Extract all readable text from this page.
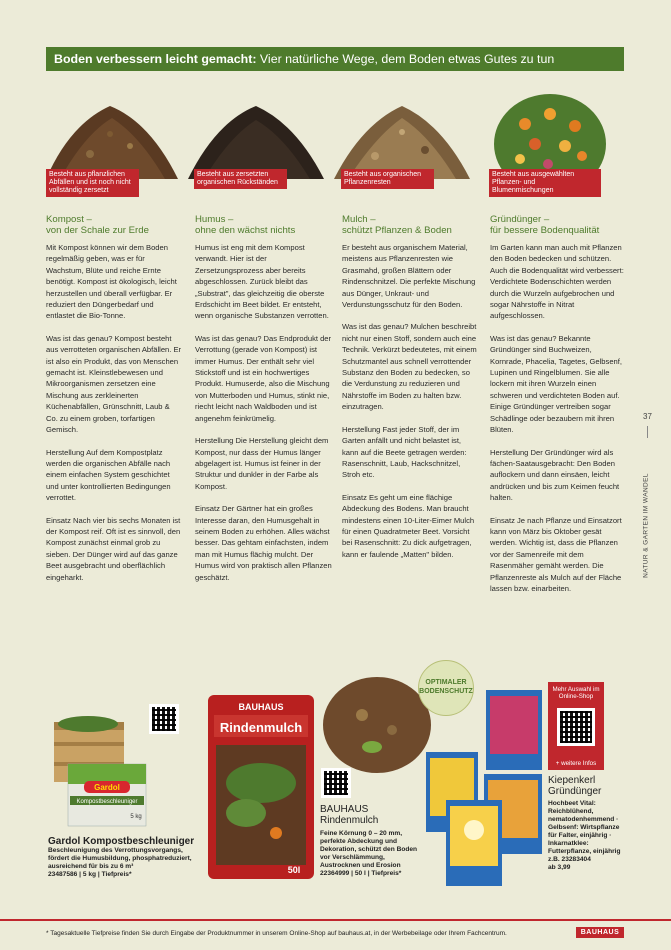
Boden verbessern leicht gemacht: Vier natürliche Wege, dem Boden etwas Gutes zu tun
Besteht aus pflanzlichen Abfällen und ist noch nicht vollständig zersetzt
Besteht aus zersetzten organischen Rückständen
Besteht aus organischen Pflanzenresten
Besteht aus ausgewählten Pflanzen- und Blumenmischungen
Kompost –
von der Schale zur Erde

Mit Kompost können wir dem Boden regelmäßig geben, was er für Wachstum, Blüte und reiche Ernte benötigt. Kompost ist ökologisch, leicht herzustellen und überall verfügbar. Er reduziert den Düngerbedarf und entlastet die Bio-Tonne.

Was ist das genau? Kompost besteht aus verrotteten organischen Abfällen. Er ist also ein Produkt, das von Menschen gemacht ist. Kleinstlebewesen und Mikroorganismen zersetzen eine Mischung aus zerkleinerten Küchenabfällen, Grünschnitt, Laub & Co. zu einem groben, torfartigen Gemisch.

Herstellung Auf dem Kompostplatz werden die organischen Abfälle nach einem einfachen System geschichtet und unter kontrollierten Bedingungen verrottet.

Einsatz Nach vier bis sechs Monaten ist der Kompost reif. Oft ist es sinnvoll, den Kompost zunächst einmal grob zu sieben. Der Dünger wird auf das ganze Beet ausgebracht und oberflächlich eingeharkt.

Humus –
ohne den wächst nichts

Humus ist eng mit dem Kompost verwandt. Hier ist der Zersetzungsprozess aber bereits abgeschlossen. Zurück bleibt das „Substrat", das gleichzeitig die oberste Erdschicht im Beet bildet. Er entsteht, wenn organische Substanzen verrotten.

Was ist das genau? Das Endprodukt der Verrottung (gerade von Kompost) ist immer Humus. Der enthält sehr viel Stickstoff und ist ein hochwertiges Produkt. Humuserde, also die Mischung von Mutterboden und Humus, stinkt nie, riecht leicht nach Waldboden und ist angenehm feinkrümelig.

Herstellung Die Herstellung gleicht dem Kompost, nur dass der Humus länger abgelagert ist. Humus ist feiner in der Struktur und dunkler in der Farbe als Kompost.

Einsatz Der Gärtner hat ein großes Interesse daran, den Humusgehalt in seinem Boden zu erhöhen. Alles wächst besser. Das gehtam einfachsten, indem man mit Humus flächig mulcht. Der Humus wird von praktisch allen Pflanzen geschätzt.

Mulch –
schützt Pflanzen & Boden

Er besteht aus organischem Material, meistens aus Pflanzenresten wie Grasmahd, großen Blättern oder Rindenschnitzel. Die perfekte Mischung aus Dünger, Unkraut- und Verdunstungsschutz für den Boden.

Was ist das genau? Mulchen beschreibt nicht nur einen Stoff, sondern auch eine Technik. Verkürzt bedeutetes, mit einem Schutzmantel aus schnell verrottender Substanz den Boden zu bedecken, so die Verdunstung zu reduzieren und Nährstoffe im Boden zu halten bzw. einzutragen.

Herstellung Fast jeder Stoff, der im Garten anfällt und nicht belastet ist, kann auf die Beete getragen werden: Rasenschnitt, Laub, Hackschnitzel, Stroh etc.

Einsatz Es geht um eine flächige Abdeckung des Bodens. Man braucht mindestens einen 10-Liter-Eimer Mulch für einen Quadratmeter Beet. Vorsicht bei Rasenschnitt: Zu dick aufgetragen, kann er faulende „Matten" bilden.

Gründünger –
für bessere Bodenqualität

Im Garten kann man auch mit Pflanzen den Boden bedecken und schützen. Auch die Bodenqualität wird verbessert: Verdichtete Bodenschichten werden durch die Wurzeln aufgebrochen und sogar Nährstoffe in Nitrat aufgeschlossen.

Was ist das genau? Bekannte Gründünger sind Buchweizen, Kornrade, Phacelia, Tagetes, Gelbsenf, Lupinen und Ringelblumen. Sie alle lockern mit ihren Wurzeln einen schweren und verdichteten Boden auf. Einige Gründünger vertreiben sogar Schädlinge oder bezaubern mit ihren Blüten.

Herstellung Der Gründünger wird als fächen-Saatausgebracht: Den Boden auflockern und dann einsäen, leicht andrücken und bis zum Keimen feucht halten.

Einsatz Je nach Pflanze und Einsatzort kann von März bis Oktober gesät werden. Wichtig ist, dass die Pflanzen vor der Samenreife mit dem Rasenmäher gemäht werden. Die Pflanzenreste als Mulch auf der Fläche lassen bzw. einarbeiten.

37
NATUR & GARTEN IM WANDEL
Gardol
Kompostbeschleuniger
5 kg
Gardol Kompostbeschleuniger
Beschleunigung des Verrottungsvorgangs, fördert die Humusbildung, phosphatreduziert, ausreichend für bis zu 6 m³
23487586 | 5 kg | Tiefpreis*
BAUHAUS
Rindenmulch
50l
OPTIMALER BODENSCHUTZ
BAUHAUS
Rindenmulch
Feine Körnung 0 – 20 mm, perfekte Abdeckung und Dekoration, schützt den Boden vor Verschlämmung, Austrocknen und Erosion
22364999 | 50 l | Tiefpreis*
Mehr Auswahl im Online-Shop
+ weitere Infos
Kiepenkerl
Gründünger
Hochbeet Vital: Reichblühend, nematodenhemmend · Gelbsenf: Wirtspflanze für Falter, einjährig · Inkarnatklee: Futterpflanze, einjährig
z.B. 23283404
ab 3,99
* Tagesaktuelle Tiefpreise finden Sie durch Eingabe der Produktnummer in unserem Online-Shop auf bauhaus.at, in der Werbebeilage oder Ihrem Fachcentrum.	BAUHAUS
